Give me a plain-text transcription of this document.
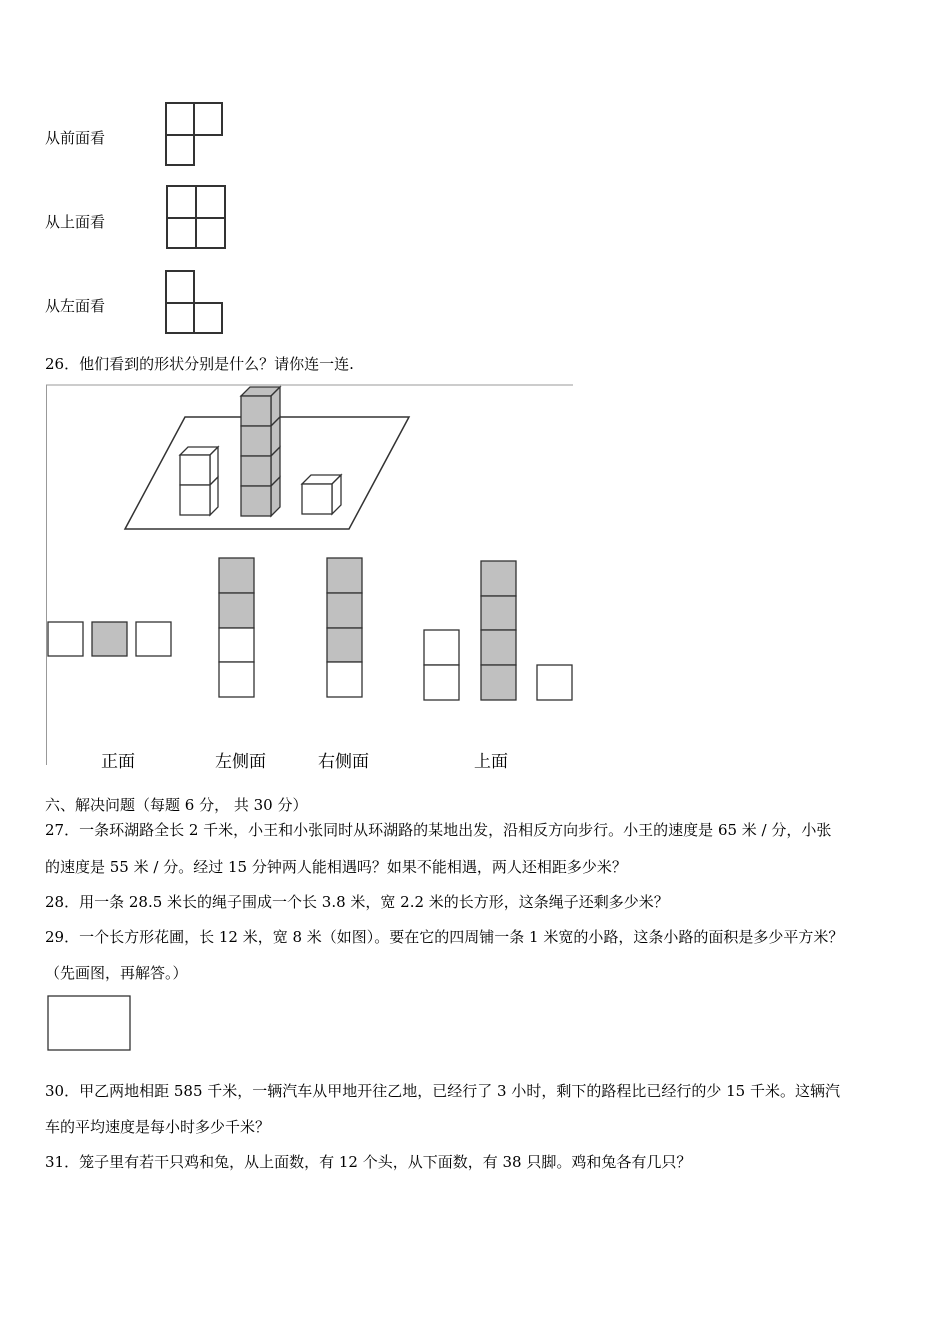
从前面看
从上面看
从左面看
26．他们看到的形状分别是什么？请你连一连.
正面	左侧面	右侧面	上面
六、解决问题（每题 6 分， 共 30 分）
27．一条环湖路全长 2 千米，小王和小张同时从环湖路的某地出发，沿相反方向步行。小王的速度是 65 米 / 分，小张
的速度是 55 米 / 分。经过 15 分钟两人能相遇吗？如果不能相遇，两人还相距多少米？
28．用一条 28.5 米长的绳子围成一个长 3.8 米，宽 2.2 米的长方形，这条绳子还剩多少米？
29．一个长方形花圃，长 12 米，宽 8 米（如图）。要在它的四周铺一条 1 米宽的小路，这条小路的面积是多少平方米？
（先画图，再解答。）
30．甲乙两地相距 585 千米，一辆汽车从甲地开往乙地，已经行了 3 小时，剩下的路程比已经行的少 15 千米。这辆汽
车的平均速度是每小时多少千米？
31．笼子里有若干只鸡和兔，从上面数，有 12 个头，从下面数，有 38 只脚。鸡和兔各有几只？
